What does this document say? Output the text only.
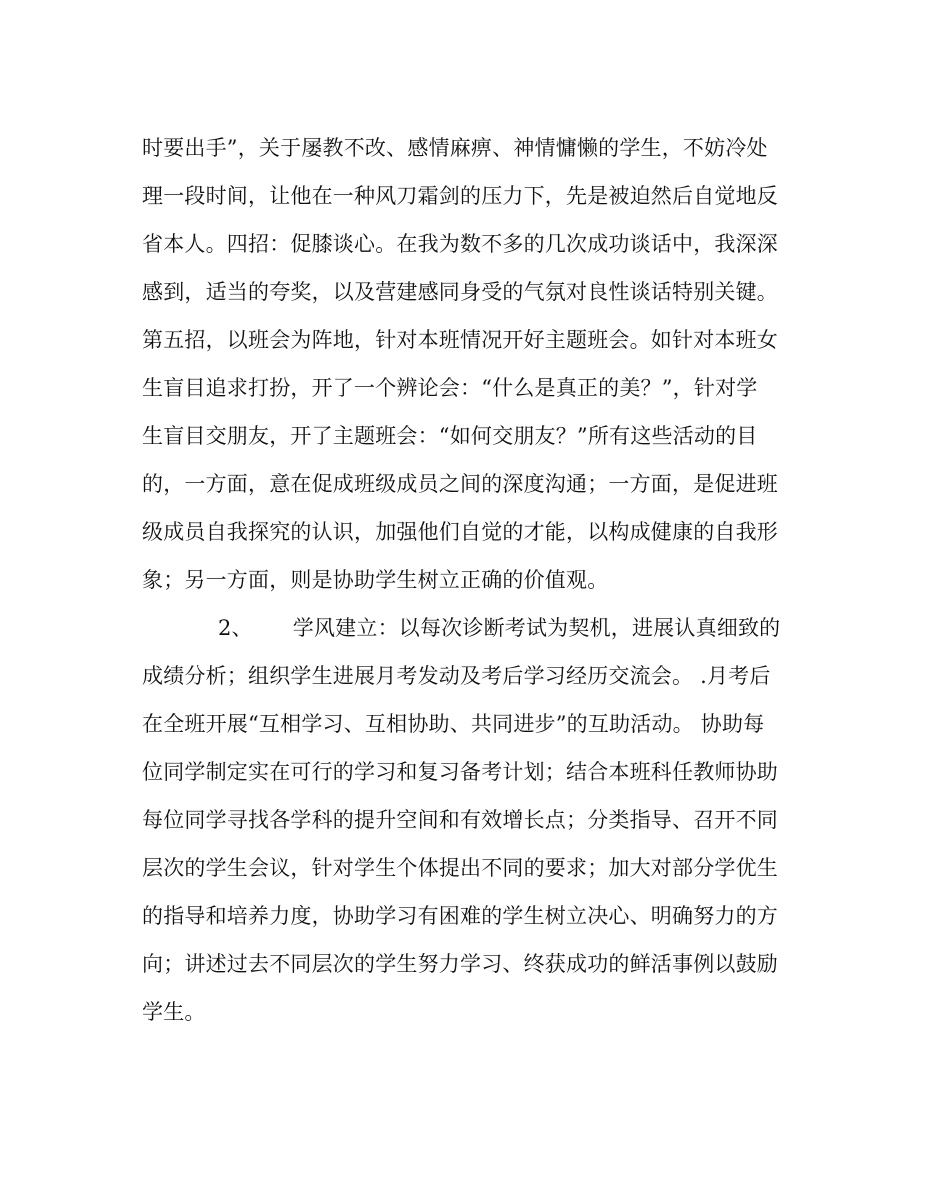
时要出手”，关于屡教不改、感情麻痹、神情慵懒的学生，不妨冷处
理一段时间，让他在一种风刀霜剑的压力下，先是被迫然后自觉地反
省本人。四招：促膝谈心。在我为数不多的几次成功谈话中，我深深
感到，适当的夸奖，以及营建感同身受的气氛对良性谈话特别关键。
第五招，以班会为阵地，针对本班情况开好主题班会。如针对本班女
生盲目追求打扮，开了一个辨论会：“什么是真正的美？”，针对学
生盲目交朋友，开了主题班会：“如何交朋友？”所有这些活动的目
的，一方面，意在促成班级成员之间的深度沟通；一方面，是促进班
级成员自我探究的认识，加强他们自觉的才能，以构成健康的自我形
象；另一方面，则是协助学生树立正确的价值观。
2、 学风建立：以每次诊断考试为契机，进展认真细致的
成绩分析；组织学生进展月考发动及考后学习经历交流会。 .月考后
在全班开展“互相学习、互相协助、共同进步”的互助活动。 协助每
位同学制定实在可行的学习和复习备考计划；结合本班科任教师协助
每位同学寻找各学科的提升空间和有效增长点；分类指导、召开不同
层次的学生会议，针对学生个体提出不同的要求；加大对部分学优生
的指导和培养力度，协助学习有困难的学生树立决心、明确努力的方
向；讲述过去不同层次的学生努力学习、终获成功的鲜活事例以鼓励
学生。
